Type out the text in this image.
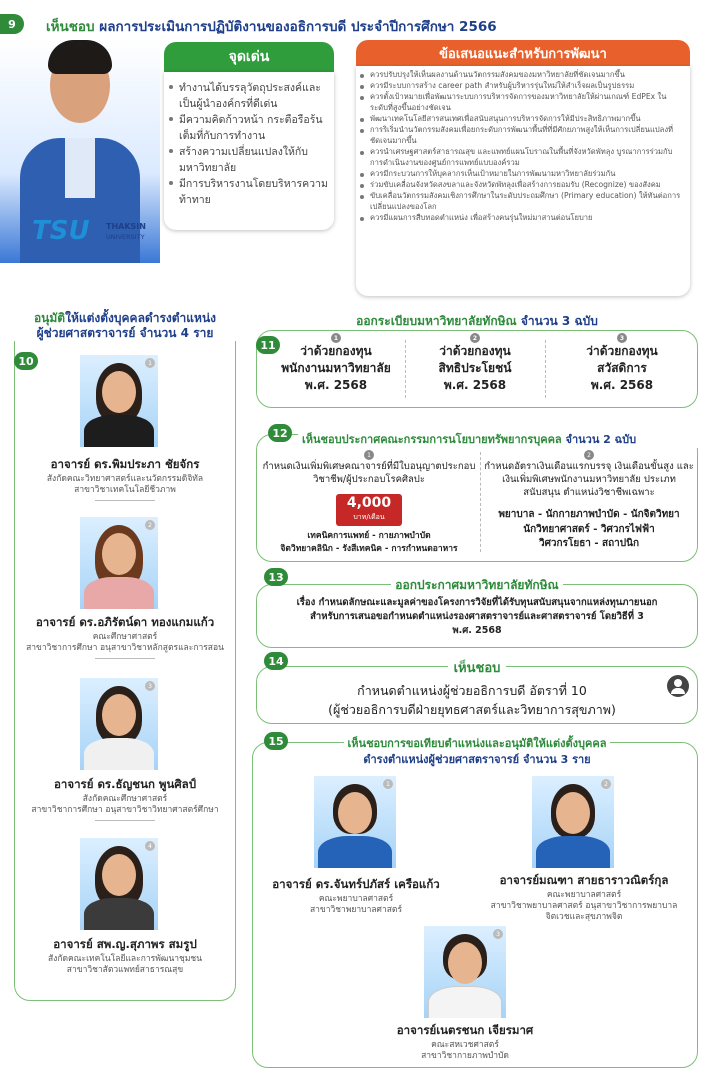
9	เห็นชอบ ผลการประเมินการปฏิบัติงานของอธิการบดี ประจำปีการศึกษา 2566
TSU THAKSIN
UNIVERSITY
จุดเด่น
ทำงานได้บรรลุวัตถุประสงค์และเป็นผู้นำองค์กรที่ดีเด่น
มีความคิดก้าวหน้า กระตือรือร้น เต็มที่กับการทำงาน
สร้างความเปลี่ยนแปลงให้กับมหาวิทยาลัย
มีการบริหารงานโดยบริหารความท้าทาย
ข้อเสนอแนะสำหรับการพัฒนา
ควรปรับปรุงให้เห็นผลงานด้านนวัตกรรมสังคมของมหาวิทยาลัยที่ชัดเจนมากขึ้น
ควรมีระบบการสร้าง career path สำหรับผู้บริหารรุ่นใหม่ให้สำเร็จผลเป็นรูปธรรม
ควรตั้งเป้าหมายเพื่อพัฒนาระบบการบริหารจัดการของมหาวิทยาลัยให้ผ่านเกณฑ์ EdPEx ในระดับที่สูงขึ้นอย่างชัดเจน
พัฒนาเทคโนโลยีสารสนเทศเพื่อสนับสนุนการบริหารจัดการให้มีประสิทธิภาพมากขึ้น
การริเริ่มนำนวัตกรรมสังคมเพื่อยกระดับการพัฒนาพื้นที่ที่มีศักยภาพสูงให้เห็นการเปลี่ยนแปลงที่ชัดเจนมากขึ้น
ควรนำเศรษฐศาสตร์สาธารณสุข และแพทย์แผนโบราณในพื้นที่จังหวัดพัทลุง บูรณาการร่วมกับการดำเนินงานของศูนย์การแพทย์แบบองค์รวม
ควรมีกระบวนการให้บุคลากรเห็นเป้าหมายในการพัฒนามหาวิทยาลัยร่วมกัน
ร่วมขับเคลื่อนจังหวัดสงขลาและจังหวัดพัทลุงเพื่อสร้างการยอมรับ (Recognize) ของสังคม
ขับเคลื่อนวัตกรรมสังคมเชิงการศึกษาในระดับประถมศึกษา (Primary education) ให้ทันต่อการเปลี่ยนแปลงของโลก
ควรมีแผนการสืบทอดตำแหน่ง เพื่อสร้างคนรุ่นใหม่มาสานต่อนโยบาย
อนุมัติให้แต่งตั้งบุคคลดำรงตำแหน่ง
ผู้ช่วยศาสตราจารย์ จำนวน 4 ราย
10	1
อาจารย์ ดร.พิมประภา ชัยจักร
สังกัดคณะวิทยาศาสตร์และนวัตกรรมดิจิทัล
สาขาวิชาเทคโนโลยีชีวภาพ
2
อาจารย์ ดร.อภิรัตน์ดา ทองแกมแก้ว
คณะศึกษาศาสตร์
สาขาวิชาการศึกษา อนุสาขาวิชาหลักสูตรและการสอน
3
อาจารย์ ดร.ธัญชนก พูนศิลป์
สังกัดคณะศึกษาศาสตร์
สาขาวิชาการศึกษา อนุสาขาวิชาวิทยาศาสตร์ศึกษา
4
อาจารย์ สพ.ญ.สุภาพร สมรูป
สังกัดคณะเทคโนโลยีและการพัฒนาชุมชน
สาขาวิชาสัตวแพทย์สาธารณสุข
ออกระเบียบมหาวิทยาลัยทักษิณ จำนวน 3 ฉบับ
11
1
ว่าด้วยกองทุน
พนักงานมหาวิทยาลัย
พ.ศ. 2568
2
ว่าด้วยกองทุน
สิทธิประโยชน์
พ.ศ. 2568
3
ว่าด้วยกองทุน
สวัสดิการ
พ.ศ. 2568
12	เห็นชอบประกาศคณะกรรมการนโยบายทรัพยากรบุคคล จำนวน 2 ฉบับ
1
กำหนดเงินเพิ่มพิเศษคณาจารย์ที่มีใบอนุญาตประกอบวิชาชีพ/ผู้ประกอบโรคศิลปะ
4,000
บาท/เดือน
เทคนิคการแพทย์ - กายภาพบำบัด
จิตวิทยาคลินิก - รังสีเทคนิค - การกำหนดอาหาร
2
กำหนดอัตราเงินเดือนแรกบรรจุ เงินเดือนขั้นสูง และเงินเพิ่มพิเศษพนักงานมหาวิทยาลัย ประเภทสนับสนุน ตำแหน่งวิชาชีพเฉพาะ
พยาบาล - นักกายภาพบำบัด - นักจิตวิทยา
นักวิทยาศาสตร์ - วิศวกรไฟฟ้า
วิศวกรโยธา - สถาปนิก
13
ออกประกาศมหาวิทยาลัยทักษิณ
เรื่อง กำหนดลักษณะและมูลค่าของโครงการวิจัยที่ได้รับทุนสนับสนุนจากแหล่งทุนภายนอก
สำหรับการเสนอขอกำหนดตำแหน่งรองศาสตราจารย์และศาสตราจารย์ โดยวิธีที่ 3
พ.ศ. 2568
14	เห็นชอบ
กำหนดตำแหน่งผู้ช่วยอธิการบดี อัตราที่ 10
(ผู้ช่วยอธิการบดีฝ่ายยุทธศาสตร์และวิทยาการสุขภาพ)
15	เห็นชอบการขอเทียบตำแหน่งและอนุมัติให้แต่งตั้งบุคคล
ดำรงตำแหน่งผู้ช่วยศาสตราจารย์ จำนวน 3 ราย
1
อาจารย์ ดร.จันทร์ปภัสร์ เครือแก้ว
คณะพยาบาลศาสตร์
สาขาวิชาพยาบาลศาสตร์
2
อาจารย์มณฑา สายธาราวณิตร์กุล
คณะพยาบาลศาสตร์
สาขาวิชาพยาบาลศาสตร์ อนุสาขาวิชาการพยาบาล
จิตเวชและสุขภาพจิต
3
อาจารย์เนตรชนก เจียรมาศ
คณะสหเวชศาสตร์
สาขาวิชากายภาพบำบัด
